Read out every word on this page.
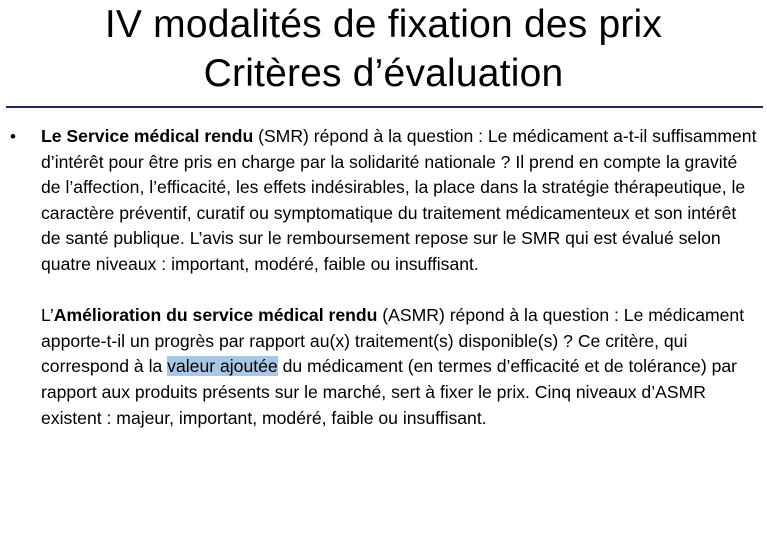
IV modalités de fixation des prix
Critères d’évaluation
• Le Service médical rendu (SMR) répond à la question : Le médicament a-t-il suffisamment d’intérêt pour être pris en charge par la solidarité nationale ? Il prend en compte la gravité de l’affection, l’efficacité, les effets indésirables, la place dans la stratégie thérapeutique, le caractère préventif, curatif ou symptomatique du traitement médicamenteux et son intérêt de santé publique. L’avis sur le remboursement repose sur le SMR qui est évalué selon quatre niveaux : important, modéré, faible ou insuffisant.

L’Amélioration du service médical rendu (ASMR) répond à la question : Le médicament apporte-t-il un progrès par rapport au(x) traitement(s) disponible(s) ? Ce critère, qui correspond à la valeur ajoutée du médicament (en termes d’efficacité et de tolérance) par rapport aux produits présents sur le marché, sert à fixer le prix. Cinq niveaux d’ASMR existent : majeur, important, modéré, faible ou insuffisant.
